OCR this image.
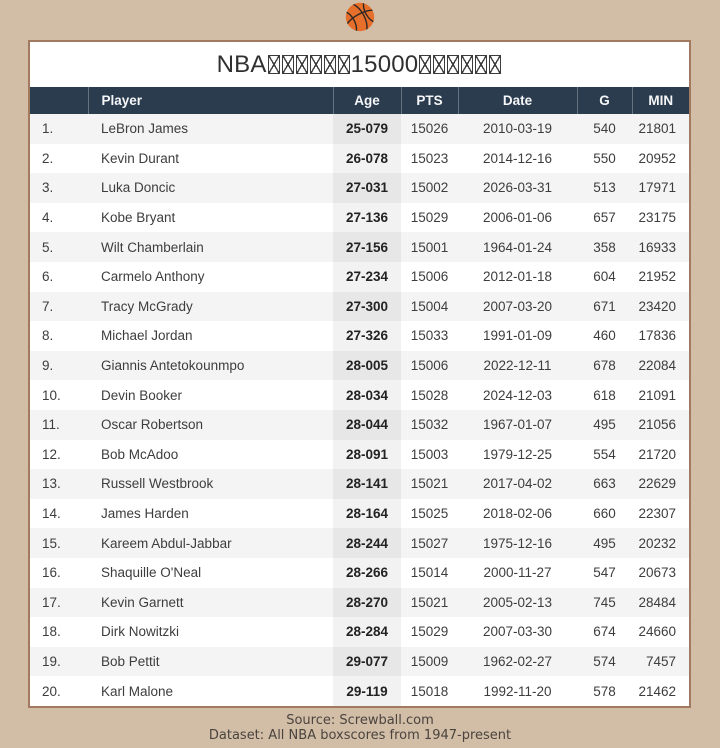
NBA	15000
	Player	Age	PTS	Date	G	MIN
1.	LeBron James	25-079	15026	2010-03-19	540	21801
2.	Kevin Durant	26-078	15023	2014-12-16	550	20952
3.	Luka Doncic	27-031	15002	2026-03-31	513	17971
4.	Kobe Bryant	27-136	15029	2006-01-06	657	23175
5.	Wilt Chamberlain	27-156	15001	1964-01-24	358	16933
6.	Carmelo Anthony	27-234	15006	2012-01-18	604	21952
7.	Tracy McGrady	27-300	15004	2007-03-20	671	23420
8.	Michael Jordan	27-326	15033	1991-01-09	460	17836
9.	Giannis Antetokounmpo	28-005	15006	2022-12-11	678	22084
10.	Devin Booker	28-034	15028	2024-12-03	618	21091
11.	Oscar Robertson	28-044	15032	1967-01-07	495	21056
12.	Bob McAdoo	28-091	15003	1979-12-25	554	21720
13.	Russell Westbrook	28-141	15021	2017-04-02	663	22629
14.	James Harden	28-164	15025	2018-02-06	660	22307
15.	Kareem Abdul-Jabbar	28-244	15027	1975-12-16	495	20232
16.	Shaquille O'Neal	28-266	15014	2000-11-27	547	20673
17.	Kevin Garnett	28-270	15021	2005-02-13	745	28484
18.	Dirk Nowitzki	28-284	15029	2007-03-30	674	24660
19.	Bob Pettit	29-077	15009	1962-02-27	574	7457
20.	Karl Malone	29-119	15018	1992-11-20	578	21462
Source: Screwball.com
Dataset: All NBA boxscores from 1947-present
